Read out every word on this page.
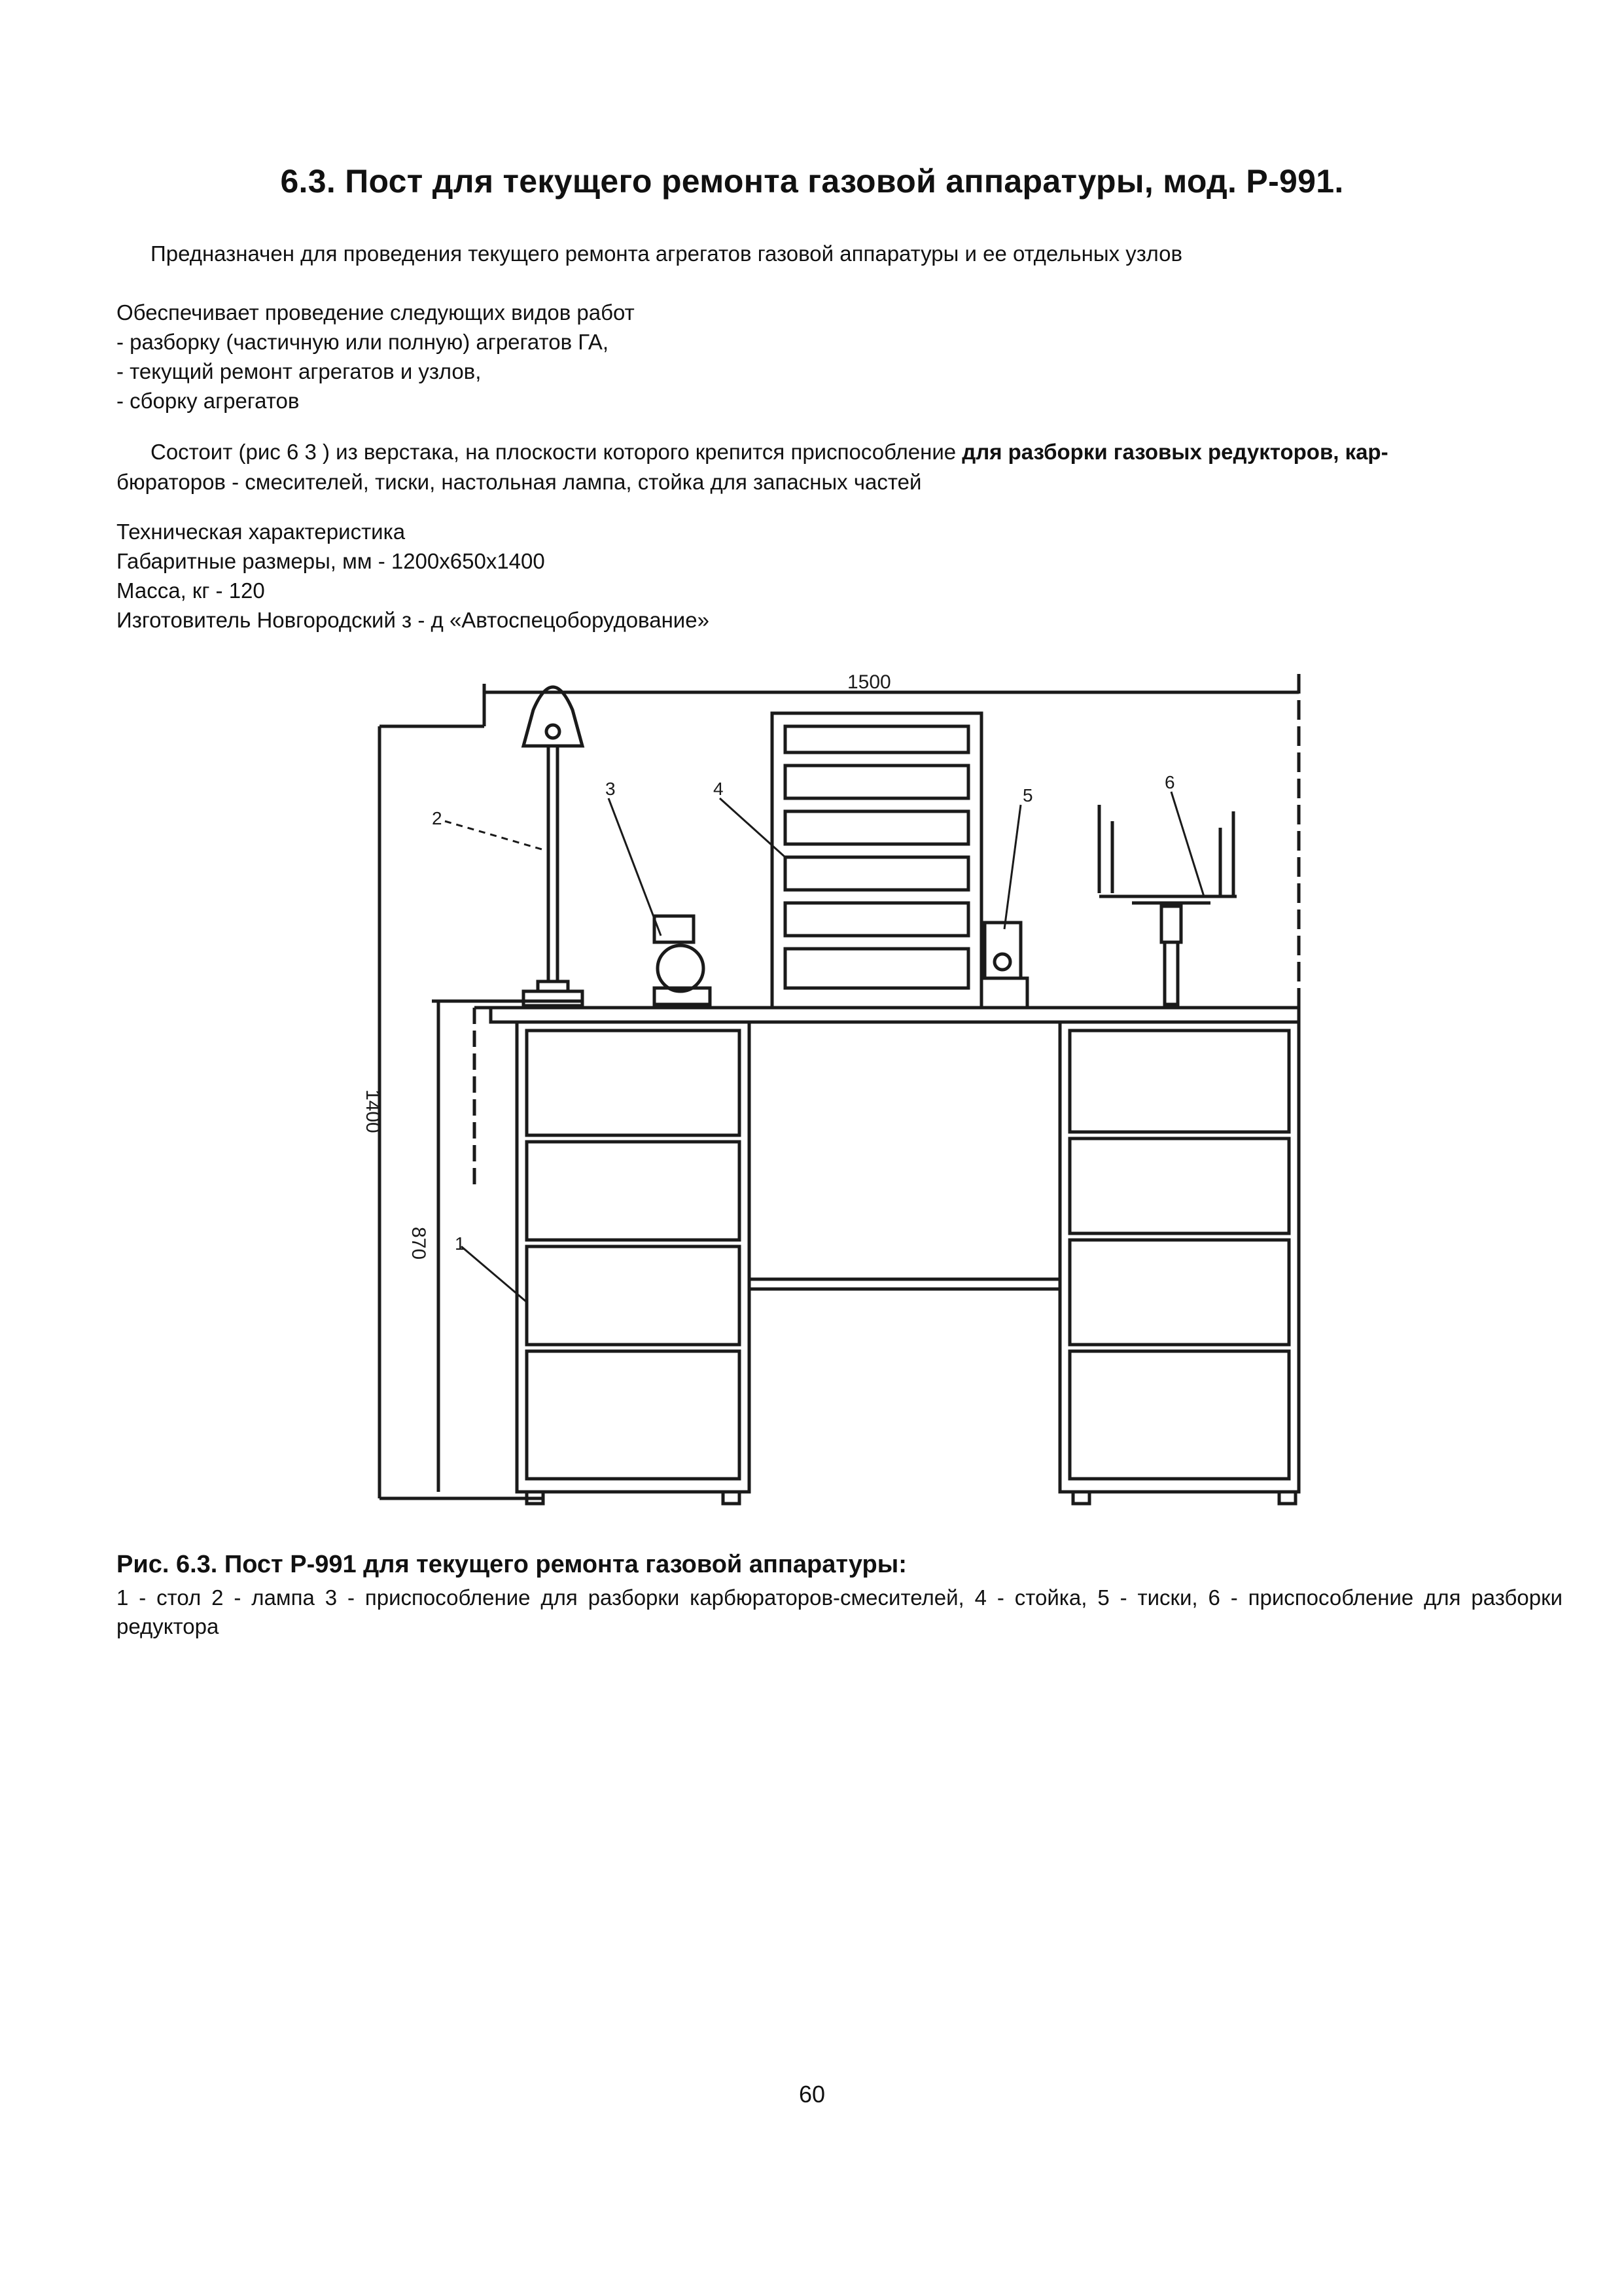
6.3. Пост для текущего ремонта газовой аппаратуры, мод. Р-991.
Предназначен для проведения текущего ремонта агрегатов газовой аппаратуры и ее отдельных узлов
Обеспечивает проведение следующих видов работ
- разборку (частичную или полную) агрегатов ГА,
- текущий ремонт агрегатов и узлов,
- сборку агрегатов
Состоит (рис 6 3 ) из верстака, на плоскости которого крепится приспособление для разборки газовых редукторов, кар-
бюраторов - смесителей, тиски, настольная лампа, стойка для запасных частей
Техническая характеристика
Габаритные размеры, мм - 1200x650x1400
Масса, кг - 120
Изготовитель Новгородский з - д «Автоспецоборудование»
1500
1400
870 1
2
3	4	5
6
Рис. 6.3. Пост Р-991 для текущего ремонта газовой аппаратуры:
1 - стол 2 - лампа 3 - приспособление для разборки карбюраторов-смесителей, 4 - стойка, 5 - тиски, 6 - приспособление для разборки редуктора
60
